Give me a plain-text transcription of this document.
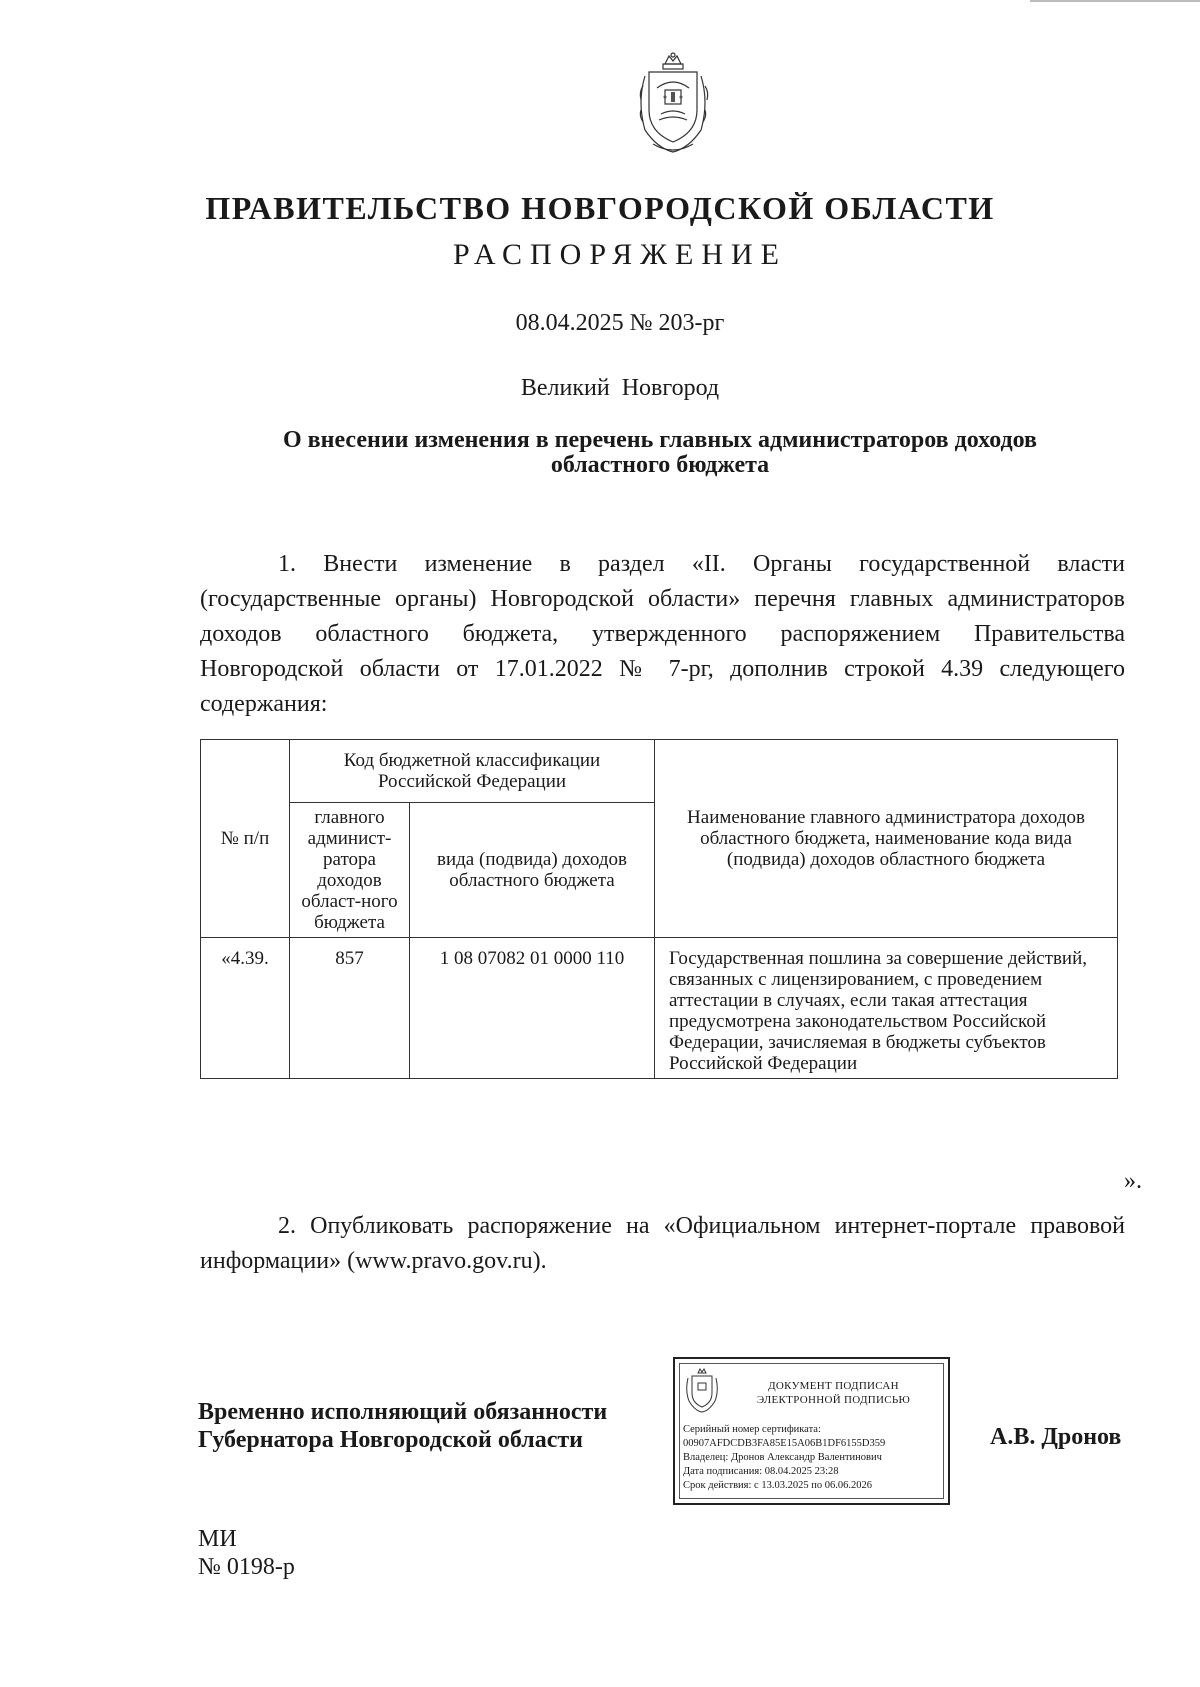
ПРАВИТЕЛЬСТВО НОВГОРОДСКОЙ ОБЛАСТИ
РАСПОРЯЖЕНИЕ
08.04.2025 № 203-рг
Великий Новгород
О внесении изменения в перечень главных администраторов доходов
областного бюджета

1. Внести изменение в раздел «II. Органы государственной власти (государственные органы) Новгородской области» перечня главных администраторов доходов областного бюджета, утвержденного распоряжением Правительства Новгородской области от 17.01.2022 № 7-рг, дополнив строкой 4.39 следующего содержания:

№ п/п	Код бюджетной классификации Российской Федерации		Наименование главного администратора доходов областного бюджета, наименование кода вида (подвида) доходов областного бюджета
	главного админист-ратора доходов област-ного бюджета	вида (подвида) доходов областного бюджета	
«4.39.	857	1 08 07082 01 0000 110	Государственная пошлина за совершение действий, связанных с лицензированием, с проведением аттестации в случаях, если такая аттестация предусмотрена законодательством Российской Федерации, зачисляемая в бюджеты субъектов Российской Федерации
».

2. Опубликовать распоряжение на «Официальном интернет-портале правовой информации» (www.pravo.gov.ru).

Временно исполняющий обязанности
Губернатора Новгородской области
ДОКУМЕНТ ПОДПИСАН
ЭЛЕКТРОННОЙ ПОДПИСЬЮ
Серийный номер сертификата:
00907AFDCDB3FA85E15A06B1DF6155D359
Владелец: Дронов Александр Валентинович
Дата подписания: 08.04.2025 23:28
Срок действия: с 13.03.2025 по 06.06.2026
А.В. Дронов
МИ
№ 0198-р
